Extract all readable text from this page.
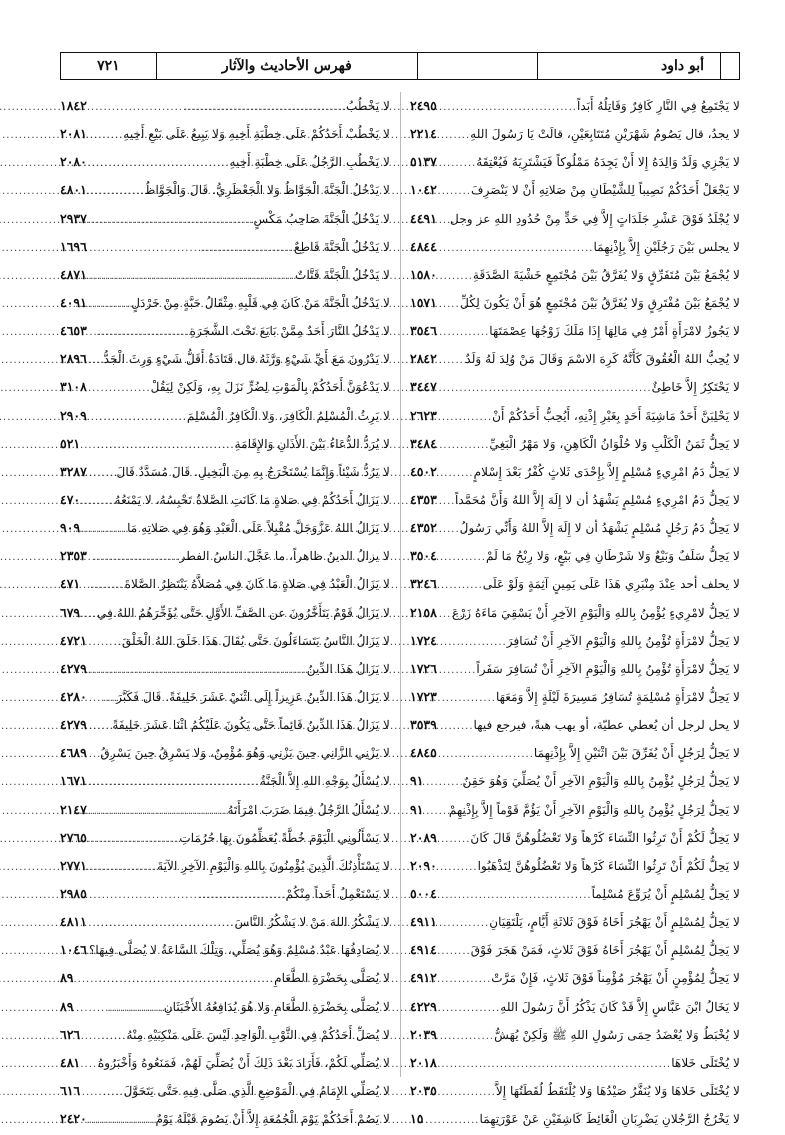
٧٢١	فهرس الأحاديث والآثار	أبو داود
لا يَجْتَمِعُ فِي النَّارِ كَافِرٌ وَقَاتِلُهُ أَبَداً
.....
٢٤٩٥
لا يجدُ، قال يَصُومُ شَهْرَيْنِ مُتَتَابِعَيْنِ، قالَتْ يَا رَسُولَ اللهِ
.....
٢٢١٤
لا يَجْزِي وَلَدٌ وَالِدَهُ إِلا أَنْ يَجِدَهُ مَمْلُوكاً فَيَشْتَرِيَهُ فَيُعْتِقَهُ
.....
٥١٣٧
لا يَجْعَلْ أَحَدُكُمْ نَصِيباً لِلشَّيْطَانِ مِنْ صَلاتِهِ أَنْ لا يَنْصَرِفَ
.....
١٠٤٢
لا يُجْلَدُ فَوْقَ عَشْرِ جَلَدَاتٍ إِلاَّ فِي حَدٍّ مِنْ حُدُودِ اللهِ عز وجل
.....
٤٤٩١
لا يجلس بَيْنَ رَجُلَيْنِ إِلاَّ بِإِذْنِهِمَا
.....
٤٨٤٤
لا يُجْمَعُ بَيْنَ مُتَفَرِّقٍ وَلا يُفَرَّقُ بَيْنَ مُجْتَمِعٍ خَشْيَةَ الصَّدَقَةِ
.....
١٥٨٠
لا يُجْمَعُ بَيْنَ مُفْتَرِقٍ وَلا يُفَرَّقُ بَيْنَ مُجْتَمِعٍ هُوَ أَنْ يَكُونَ لِكُلِّ
.....
١٥٧١
لا يَجُوزُ لامْرَأَةٍ أَمْرٌ فِي مَالِهَا إِذَا مَلَكَ زَوْجُهَا عِصْمَتَهَا
.....
٣٥٤٦
لا يُحِبُّ اللهُ الْعُقُوقَ كَأَنَّهُ كَرِهَ الاسْمَ وَقَالَ مَنْ وُلِدَ لَهُ وَلَدٌ
.....
٢٨٤٢
لا يَحْتَكِرُ إِلاَّ خَاطِئٌ
.....
٣٤٤٧
لا يَحْلِبَنَّ أَحَدٌ مَاشِيَةَ أَحَدٍ بِغَيْرِ إِذْنِهِ، أَيُحِبُّ أَحَدُكُمْ أَنْ
.....
٢٦٢٣
لا يَحِلُّ ثَمَنُ الْكَلْبِ وَلا حُلْوَانُ الْكَاهِنِ، وَلا مَهْرُ الْبَغِيِّ
.....
٣٤٨٤
لا يَحِلُّ دَمُ امْرِيءٍ مُسْلِمٍ إِلاَّ بِإِحْدَى ثَلاثٍ كُفْرٌ بَعْدَ إِسْلامٍ
.....
٤٥٠٢
لا يَحِلُّ دَمُ امْرِيءٍ مُسْلِمٍ يَشْهَدُ أن لا إِلَهَ إِلاَّ اللهُ وَأَنَّ مُحَمَّداً
.....
٤٣٥٣
لا يَحِلُّ دَمُ رَجُلٍ مُسْلِمٍ يَشْهَدُ أن لا إِلَهَ إِلاَّ اللهُ وَأَنِّي رَسُولُ
.....
٤٣٥٢
لا يَحِلُّ سَلَفٌ وَبَيْعٌ وَلا شَرْطَانِ فِي بَيْعٍ، وَلا رِبْحُ مَا لَمْ
.....
٣٥٠٤
لا يحلف أحد عِنْدَ مِنْبَرِي هَذَا عَلَى يَمِينٍ آثِمَةٍ وَلَوْ عَلَى
.....
٣٢٤٦
لا يَحِلُّ لامْرِيءٍ يُؤْمِنُ بِاللهِ وَالْيَوْمِ الآخِرِ أَنْ يَسْقِيَ مَاءَهُ زَرْعَ
.....
٢١٥٨
لا يَحِلُّ لامْرَأَةٍ تُؤْمِنُ بِاللهِ وَالْيَوْمِ الآخِرِ أَنْ تُسَافِرَ
.....
١٧٢٤
لا يَحِلُّ لامْرَأَةٍ تُؤْمِنُ بِاللهِ وَالْيَوْمِ الآخِرِ أَنْ تُسَافِرَ سَفَراً
.....
١٧٢٦
لا يَحِلُّ لامْرَأَةٍ مُسْلِمَةٍ تُسَافِرُ مَسِيرَةَ لَيْلَةٍ إِلاَّ وَمَعَهَا
.....
١٧٢٣
لا يحل لرجل أن يُعطي عطيّة، أو يهب هبةً، فيرجع فيها
.....
٣٥٣٩
لا يَحِلُّ لِرَجُلٍ أَنْ يُفَرِّقَ بَيْنَ اثْنَيْنِ إِلاَّ بِإِذْنِهِمَا
.....
٤٨٤٥
لا يَحِلُّ لِرَجُلٍ يُؤْمِنُ بِاللهِ وَالْيَوْمِ الآخِرِ أَنْ يُصَلِّيَ وَهُوَ حَقِنٌ
.....
٩١
لا يَحِلُّ لِرَجُلٍ يُؤْمِنُ بِاللهِ وَالْيَوْمِ الآخِرِ أَنْ يَؤُمَّ قَوْماً إِلاَّ بِإِذْنِهِمْ
.....
٩١
لا يَحِلُّ لَكُمْ أَنْ تَرِثُوا النِّسَاءَ كَرْهاً وَلا تَعْضُلُوهُنَّ قَالَ كَانَ
.....
٢٠٨٩
لا يَحِلُّ لَكُمْ أَنْ تَرِثُوا النِّسَاءَ كَرْهاً وَلا تَعْضُلُوهُنَّ لِتَذْهَبُوا
.....
٢٠٩٠
لا يَحِلُّ لِمُسْلِمٍ أَنْ يُرَوِّعَ مُسْلِماً
.....
٥٠٠٤
لا يَحِلُّ لِمُسْلِمٍ أَنْ يَهْجُرَ أَخَاهُ فَوْقَ ثَلاثَةِ أَيَّامٍ، يَلْتَقِيَانِ
.....
٤٩١١
لا يَحِلُّ لِمُسْلِمٍ أَنْ يَهْجُرَ أَخَاهُ فَوْقَ ثَلاثٍ، فَمَنْ هَجَرَ فَوْقَ
.....
٤٩١٤
لا يَحِلُّ لِمُؤْمِنٍ أَنْ يَهْجُرَ مُؤْمِناً فَوْقَ ثَلاثٍ، فَإِنْ مَرَّتْ
.....
٤٩١٢
لا يَخَالُ ابْنَ عَبَّاسٍ إِلاَّ قَدْ كَانَ يَذْكُرُ أَنَّ رَسُولَ اللهِ
.....
٤٢٢٩
لا يُخْبَطُ وَلا يُعْضَدُ حِمَى رَسُولِ اللهِ ﷺ وَلَكِنْ يُهَشُّ
.....
٢٠٣٩
لا يُخْتَلَى خَلاهَا
.....
٢٠١٨
لا يُخْتَلَى خَلاهَا وَلا يُنَفَّرُ صَيْدُهَا وَلا يُلْتَقَطُ لُقَطَتُهَا إِلاَّ
.....
٢٠٣٥
لا يَخْرُجُ الرَّجُلانِ يَضْرِبَانِ الْغَائِطَ كَاشِفَيْنِ عَنْ عَوْرَتِهِمَا
.....
١٥
لا يَخْطُبُ
.....
١٨٤٢
لا يَخْطُبْ أَحَدُكُمْ عَلَى خِطْبَةِ أَخِيهِ وَلا يَبِيعُ عَلَى بَيْعِ أَخِيهِ
.....
٢٠٨١
لا يَخْطُبِ الرَّجُلُ عَلَى خِطْبَةِ أَخِيهِ
.....
٢٠٨٠
لا يَدْخُلُ الْجَنَّةَ الْجَوَّاظُ وَلا الْجَعْظَرِيُّ. قَالَ وَالْجَوَّاظُ
.....
٤٨٠١
لا يَدْخُلُ الْجَنَّةَ صَاحِبُ مَكْسٍ
.....
٢٩٣٧
لا يَدْخُلُ الْجَنَّةَ قَاطِعٌ
.....
١٦٩٦
لا يَدْخُلُ الْجَنَّةَ قَتَّاتٌ
.....
٤٨٧١
لا يَدْخُلُ الْجَنَّةَ مَنْ كَانَ فِي قَلْبِهِ مِثْقَالُ حَبَّةٍ مِنْ خَرْدَلٍ
.....
٤٠٩١
لا يَدْخُلُ النَّارَ أَحَدٌ مِمَّنْ بَايَعَ تَحْتَ الشَّجَرَةِ
.....
٤٦٥٣
لا يَدْرُونَ مَعَ أَيِّ شَيْءٍ وَرَّثَهُ قال قَتَادَةُ أَقَلُّ شَيْءٍ وَرِثَ الْجَدُّ
.....
٢٨٩٦
لا يَدْعُوَنَّ أَحَدُكُمْ بِالْمَوْتِ لِضُرٍّ نَزَلَ بِهِ، وَلَكِنْ لِيَقُلْ
.....
٣١٠٨
لا يَرِثُ الْمُسْلِمُ الْكَافِرَ، وَلا الْكَافِرُ الْمُسْلِمَ
.....
٢٩٠٩
لا يُرَدُّ الدُّعَاءُ بَيْنَ الأَذَانِ وَالإِقَامَةِ
.....
٥٢١
لا يَرُدُّ شَيْئاً وَإِنَّمَا يُسْتَخْرَجُ بِهِ مِنَ الْبَخِيلِ. قَالَ مُسَدَّدٌ قَالَ
.....
٣٢٨٧
لا يَزَالُ أَحَدُكُمْ فِي صَلاةٍ مَا كَانَتِ الصَّلاةُ تَحْبِسُهُ، لا يَمْنَعُهُ
.....
٤٧٠
لا يَزَالُ اللهُ عَزَّوَجَلَّ مُقْبِلاً عَلَى الْعَبْدِ وَهُوَ فِي صَلاتِهِ مَا
.....
٩٠٩
لا يزالُ الدينُ ظاهراً، ما عَجَّلَ الناسُ الفطر
.....
٢٣٥٣
لا يَزَالُ الْعَبْدُ فِي صَلاةٍ مَا كَانَ فِي مُصَلاَّهُ يَنْتَظِرُ الصَّلاةَ
.....
٤٧١
لا يَزَالُ قَوْمٌ يَتَأَخَّرُونَ عن الصَّفِّ الأَوَّلِ حَتَّى يُؤَخِّرَهُمُ اللهُ فِي
.....
٦٧٩
لا يَزَالُ النَّاسُ يَتَسَاءَلُونَ حَتَّى يُقَالَ هَذَا خَلَقَ اللهُ الْخَلْقَ
.....
٤٧٢١
لا يَزَالُ هَذَا الدِّينُ
.....
٤٢٧٩
لا يَزَالُ هَذَا الدِّينُ عَزِيزاً إِلَى اثْنَيْ عَشَرَ خَلِيفَةً. قَالَ فَكَبَّرَ
.....
٤٢٨٠
لا يَزَالُ هَذَا الدِّينُ قَائِماً حَتَّى يَكُونَ عَلَيْكُمُ اثْنَا عَشَرَ خَلِيفَةً
.....
٤٢٧٩
لا يَزْنِي الزَّانِي حِينَ يَزْنِي وَهُوَ مُؤْمِنٌ، وَلا يَسْرِقُ حِينَ يَسْرِقُ
.....
٤٦٨٩
لا يُسْأَلُ بِوَجْهِ اللهِ إِلاَّ الْجَنَّةُ
.....
١٦٧١
لا يُسْأَلُ الرَّجُلُ فِيمَا ضَرَبَ امْرَأَتَهُ
.....
٢١٤٧
لا يَسْأَلُونِي الْيَوْمَ خُطَّةً يُعَظِّمُونَ بِهَا حُرُمَاتِ
.....
٢٧٦٥
لا يَسْتَأْذِنُكَ الَّذِينَ يُؤْمِنُونَ بِاللهِ وَالْيَوْمِ الآخِرِ الآيَةَ
.....
٢٧٧١
لا يَسْتَعْمِلُ أَحَداً مِنْكُمْ
.....
٢٩٨٥
لا يَشْكُرُ اللهَ مَنْ لا يَشْكُرُ النَّاسَ
.....
٤٨١١
لا يُصَادِفُهَا عَبْدٌ مُسْلِمٌ وَهُوَ يُصَلِّي، وَتِلْكَ السَّاعَةُ لا يُصَلَّى فِيهَا؟
.....
١٠٤٦
لا يُصَلَّى بِحَضْرَةِ الطَّعَامِ
.....
٨٩
لا يُصَلَّى بِحَضْرَةِ الطَّعَامِ وَلا هُوَ يُدَافِعُهُ الأَخْبَثَانِ
.....
٨٩
لا يُصَلِّ أَحَدُكُمْ فِي الثَّوْبِ الْوَاحِدِ لَيْسَ عَلَى مَنْكِبَيْهِ مِنْهُ
.....
٦٢٦
لا يُصَلِّي لَكُمْ، فَأَرَادَ بَعْدَ ذَلِكَ أَنْ يُصَلِّيَ لَهُمْ، فَمَنَعُوهُ وَأَخْبَرُوهُ
.....
٤٨١
لا يُصَلِّي الإِمَامُ فِي الْمَوْضِعِ الَّذِي صَلَّى فِيهِ حَتَّى يَتَحَوَّلَ
.....
٦١٦
لا يَصُمْ أَحَدُكُمْ يَوْمَ الْجُمُعَةِ إِلاَّ أَنْ يَصُومَ قَبْلَهُ يَوْمٌ
.....
٢٤٢٠
